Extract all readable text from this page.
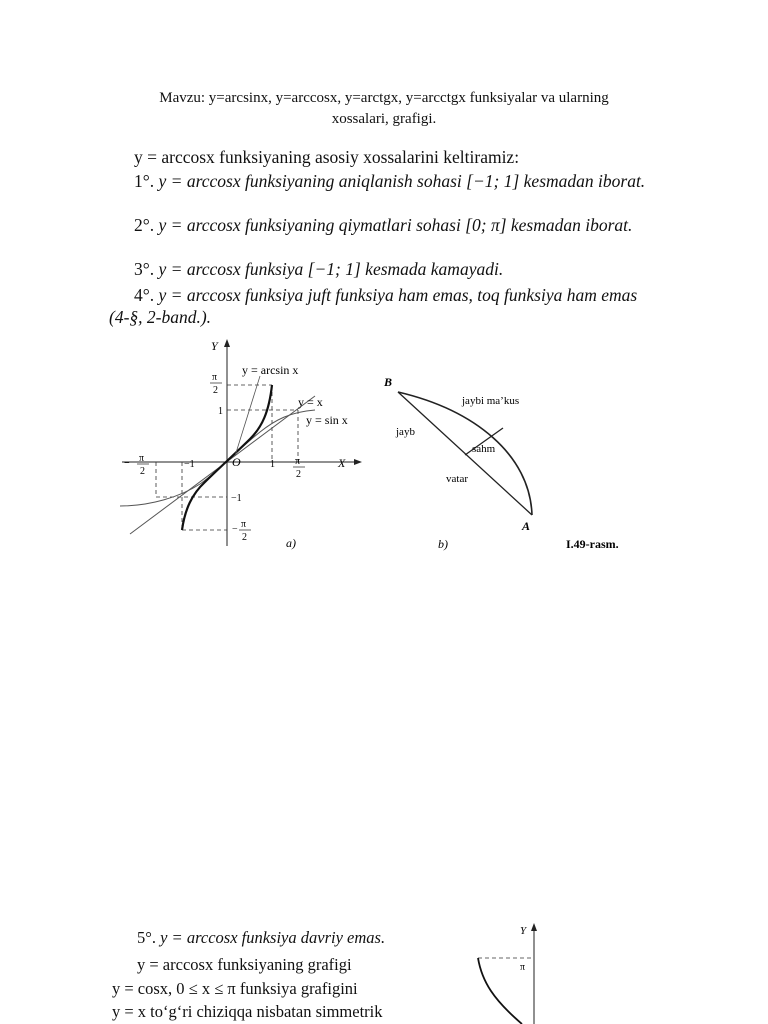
Mavzu: y=arcsinx, y=arccosx, y=arctgx, y=arcctgx funksiyalar va ularning
xossalari, grafigi.
y = arccosx funksiyaning asosiy xossalarini keltiramiz:
1°. y = arccosx funksiyaning aniqlanish sohasi [−1; 1] kesmadan iborat.
2°. y = arccosx funksiyaning qiymatlari sohasi [0; π] kesmadan iborat.
3°. y = arccosx funksiya [−1; 1] kesmada kamayadi.
4°. y = arccosx funksiya juft funksiya ham emas, toq funksiya ham emas (4-§, 2-band.).
Y
X
O
y = arcsin x
y = x
y = sin x
π
2
1
−1
− π
2
− π
2
−1	1 π
2
a)
B
A
jaybi ma’kus
jayb
sahm
vatar
b)	I.49-rasm.
5°. y = arccosx funksiya davriy emas.
y = arccosx funksiyaning grafigi
y = cosx, 0 ≤ x ≤ π funksiya grafigini
y = x to‘g‘ri chiziqqa nisbatan simmetrik
Y
π
